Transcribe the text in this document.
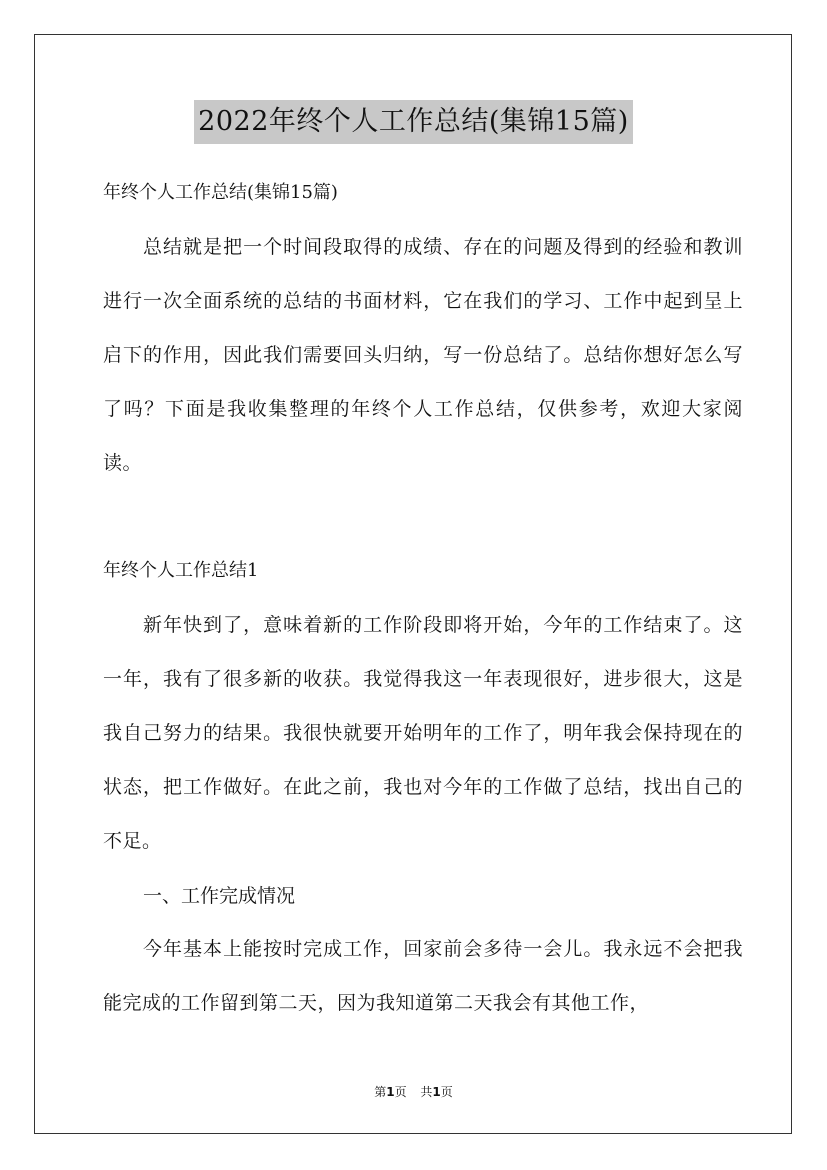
2022年终个人工作总结(集锦15篇)
年终个人工作总结(集锦15篇)
总结就是把一个时间段取得的成绩、存在的问题及得到的经验和教训进行一次全面系统的总结的书面材料，它在我们的学习、工作中起到呈上启下的作用，因此我们需要回头归纳，写一份总结了。总结你想好怎么写了吗？下面是我收集整理的年终个人工作总结，仅供参考，欢迎大家阅读。
年终个人工作总结1
新年快到了，意味着新的工作阶段即将开始，今年的工作结束了。这一年，我有了很多新的收获。我觉得我这一年表现很好，进步很大，这是我自己努力的结果。我很快就要开始明年的工作了，明年我会保持现在的状态，把工作做好。在此之前，我也对今年的工作做了总结，找出自己的不足。
一、工作完成情况
今年基本上能按时完成工作，回家前会多待一会儿。我永远不会把我能完成的工作留到第二天，因为我知道第二天我会有其他工作，
第1页 共1页
